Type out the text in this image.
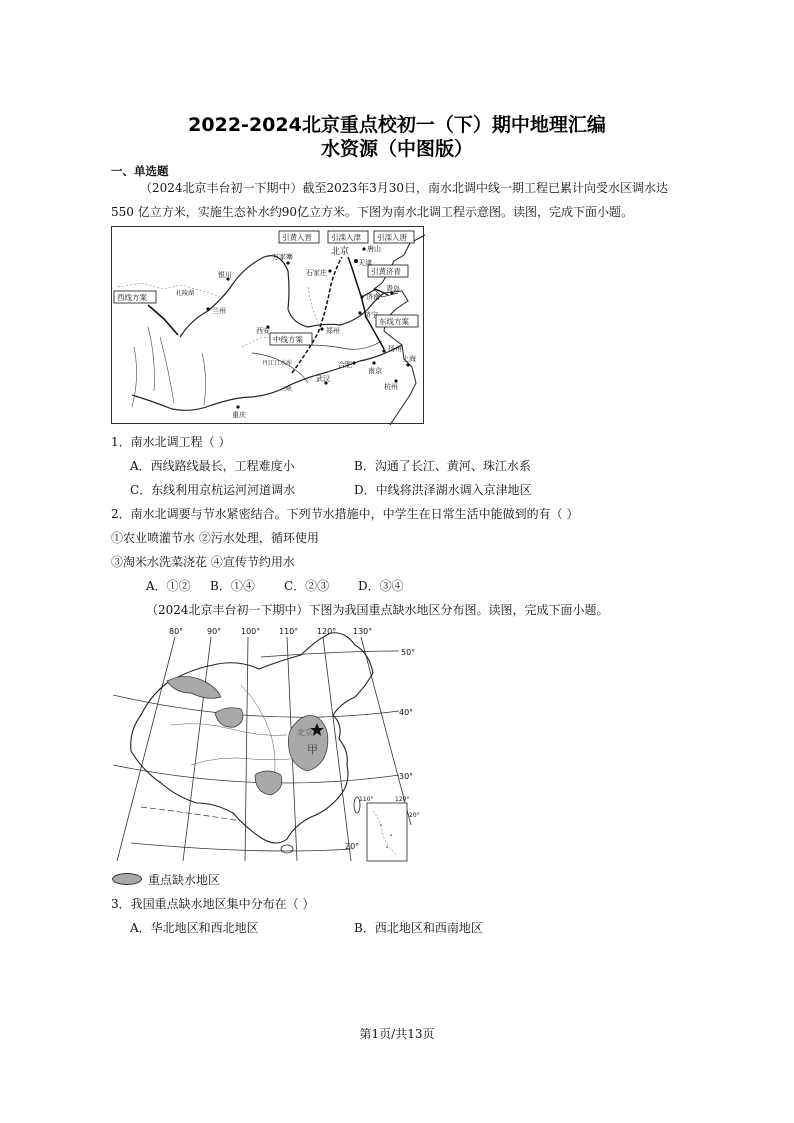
2022-2024北京重点校初一（下）期中地理汇编
水资源（中图版）
一、单选题
（2024北京丰台初一下期中）截至2023年3月30日，南水北调中线一期工程已累计向受水区调水达
550 亿立方米，实施生态补水约90亿立方米。下图为南水北调工程示意图。读图，完成下面小题。
引黄入晋	引滦入津 引滦入唐
引黄济青
西线方案
中线方案
东线方案
北京
天津
唐山
石家庄
万家寨
银川
兰州
西安	郑州
济南
青岛
济宁
合肥
南京
扬州
上海
杭州
武汉
重庆
丹江口水库
扎陵湖
三峡
1．南水北调工程（ ）
A．西线路线最长，工程难度小	B．沟通了长江、黄河、珠江水系
C．东线利用京杭运河河道调水	D．中线将洪泽湖水调入京津地区
2．南水北调要与节水紧密结合。下列节水措施中，中学生在日常生活中能做到的有（ ）
①农业喷灌节水 ②污水处理，循环使用
③淘米水洗菜浇花 ④宣传节约用水
A．①② B．①④ C．②③ D．③④
（2024北京丰台初一下期中）下图为我国重点缺水地区分布图。读图，完成下面小题。
北京
甲
80°	90° 100° 110° 120° 130°
50°
40°
30°
20°
110°	120°
20°
重点缺水地区
3．我国重点缺水地区集中分布在（ ）
A．华北地区和西北地区	B．西北地区和西南地区
第1页/共13页
